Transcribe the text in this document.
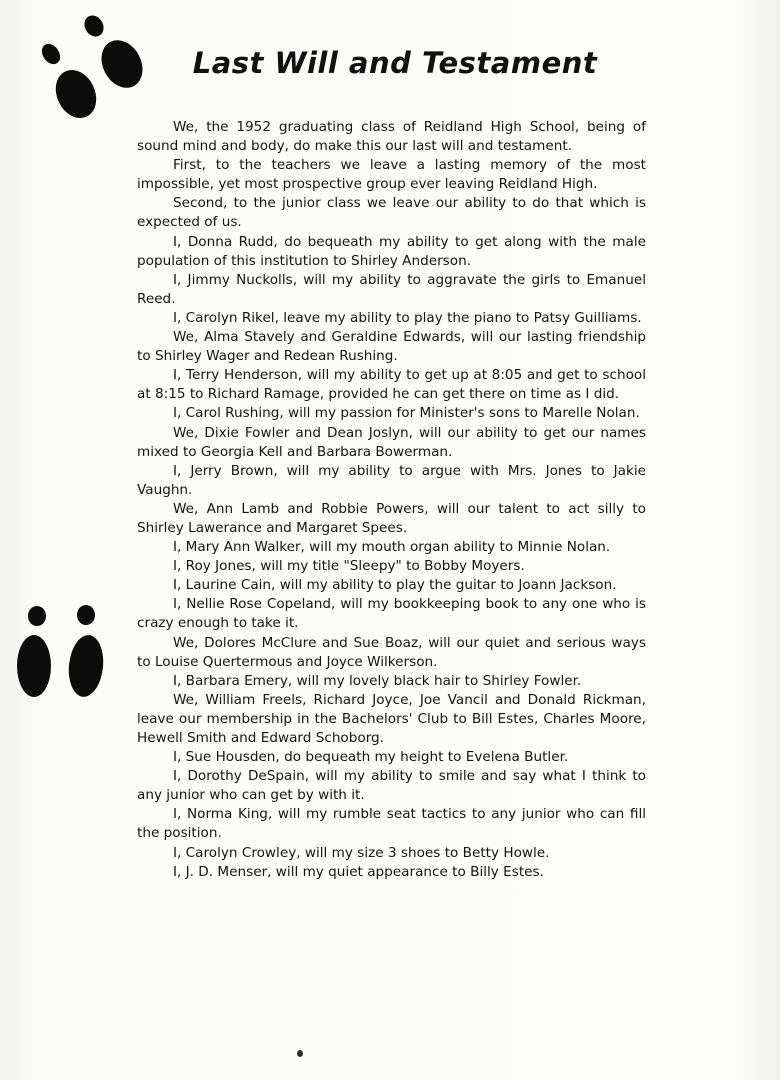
Last Will and Testament

We, the 1952 graduating class of Reidland High School, being of sound mind and body, do make this our last will and testament.

First, to the teachers we leave a lasting memory of the most impossible, yet most prospective group ever leaving Reidland High.

Second, to the junior class we leave our ability to do that which is expected of us.

I, Donna Rudd, do bequeath my ability to get along with the male population of this institution to Shirley Anderson.

I, Jimmy Nuckolls, will my ability to aggravate the girls to Emanuel Reed.

I, Carolyn Rikel, leave my ability to play the piano to Patsy Guilliams.

We, Alma Stavely and Geraldine Edwards, will our lasting friendship to Shirley Wager and Redean Rushing.

I, Terry Henderson, will my ability to get up at 8:05 and get to school at 8:15 to Richard Ramage, provided he can get there on time as I did.

I, Carol Rushing, will my passion for Minister's sons to Marelle Nolan.

We, Dixie Fowler and Dean Joslyn, will our ability to get our names mixed to Georgia Kell and Barbara Bowerman.

I, Jerry Brown, will my ability to argue with Mrs. Jones to Jakie Vaughn.

We, Ann Lamb and Robbie Powers, will our talent to act silly to Shirley Lawerance and Margaret Spees.

I, Mary Ann Walker, will my mouth organ ability to Minnie Nolan.

I, Roy Jones, will my title "Sleepy" to Bobby Moyers.

I, Laurine Cain, will my ability to play the guitar to Joann Jackson.

I, Nellie Rose Copeland, will my bookkeeping book to any one who is crazy enough to take it.

We, Dolores McClure and Sue Boaz, will our quiet and serious ways to Louise Quertermous and Joyce Wilkerson.

I, Barbara Emery, will my lovely black hair to Shirley Fowler.

We, William Freels, Richard Joyce, Joe Vancil and Donald Rickman, leave our membership in the Bachelors' Club to Bill Estes, Charles Moore, Hewell Smith and Edward Schoborg.

I, Sue Housden, do bequeath my height to Evelena Butler.

I, Dorothy DeSpain, will my ability to smile and say what I think to any junior who can get by with it.

I, Norma King, will my rumble seat tactics to any junior who can fill the position.

I, Carolyn Crowley, will my size 3 shoes to Betty Howle.

I, J. D. Menser, will my quiet appearance to Billy Estes.
